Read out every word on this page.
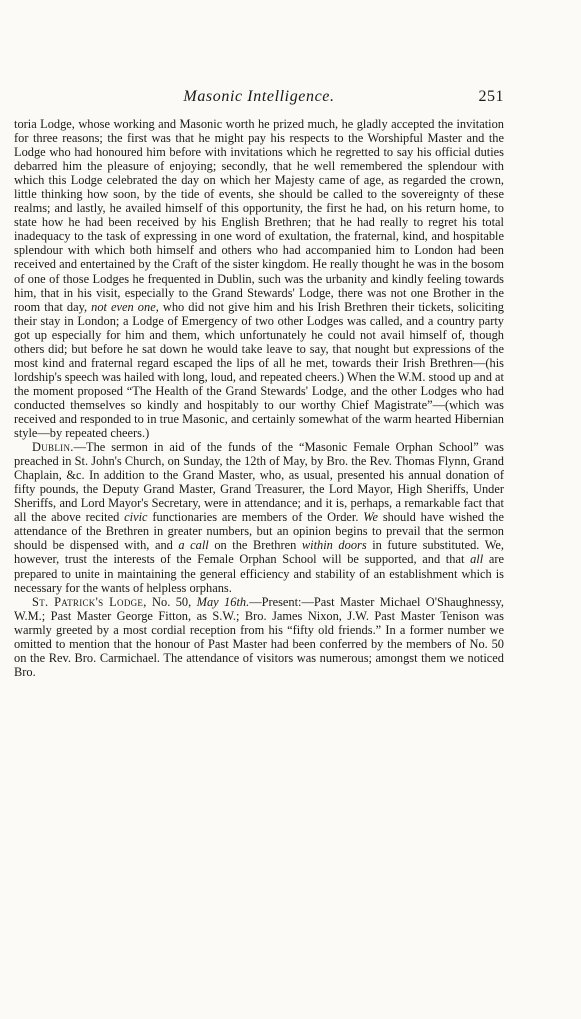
Masonic Intelligence.	251

toria Lodge, whose working and Masonic worth he prized much, he gladly accepted the invitation for three reasons; the first was that he might pay his respects to the Worshipful Master and the Lodge who had honoured him before with invitations which he regretted to say his official duties debarred him the pleasure of enjoying; secondly, that he well remembered the splendour with which this Lodge celebrated the day on which her Majesty came of age, as regarded the crown, little thinking how soon, by the tide of events, she should be called to the sovereignty of these realms; and lastly, he availed himself of this opportunity, the first he had, on his return home, to state how he had been received by his English Brethren; that he had really to regret his total inadequacy to the task of expressing in one word of exultation, the fraternal, kind, and hospitable splendour with which both himself and others who had accompanied him to London had been received and entertained by the Craft of the sister kingdom. He really thought he was in the bosom of one of those Lodges he frequented in Dublin, such was the urbanity and kindly feeling towards him, that in his visit, especially to the Grand Stewards' Lodge, there was not one Brother in the room that day, not even one, who did not give him and his Irish Brethren their tickets, soliciting their stay in London; a Lodge of Emergency of two other Lodges was called, and a country party got up especially for him and them, which unfortunately he could not avail himself of, though others did; but before he sat down he would take leave to say, that nought but expressions of the most kind and fraternal regard escaped the lips of all he met, towards their Irish Brethren—(his lordship's speech was hailed with long, loud, and repeated cheers.) When the W.M. stood up and at the moment proposed “The Health of the Grand Stewards' Lodge, and the other Lodges who had conducted themselves so kindly and hospitably to our worthy Chief Magistrate”—(which was received and responded to in true Masonic, and certainly somewhat of the warm hearted Hibernian style—by repeated cheers.)

Dublin.—The sermon in aid of the funds of the “Masonic Female Orphan School” was preached in St. John's Church, on Sunday, the 12th of May, by Bro. the Rev. Thomas Flynn, Grand Chaplain, &c. In addition to the Grand Master, who, as usual, presented his annual donation of fifty pounds, the Deputy Grand Master, Grand Treasurer, the Lord Mayor, High Sheriffs, Under Sheriffs, and Lord Mayor's Secretary, were in attendance; and it is, perhaps, a remarkable fact that all the above recited civic functionaries are members of the Order. We should have wished the attendance of the Brethren in greater numbers, but an opinion begins to prevail that the sermon should be dispensed with, and a call on the Brethren within doors in future substituted. We, however, trust the interests of the Female Orphan School will be supported, and that all are prepared to unite in maintaining the general efficiency and stability of an establishment which is necessary for the wants of helpless orphans.

St. Patrick's Lodge, No. 50, May 16th.—Present:—Past Master Michael O'Shaughnessy, W.M.; Past Master George Fitton, as S.W.; Bro. James Nixon, J.W. Past Master Tenison was warmly greeted by a most cordial reception from his “fifty old friends.” In a former number we omitted to mention that the honour of Past Master had been conferred by the members of No. 50 on the Rev. Bro. Carmichael. The attendance of visitors was numerous; amongst them we noticed Bro.
